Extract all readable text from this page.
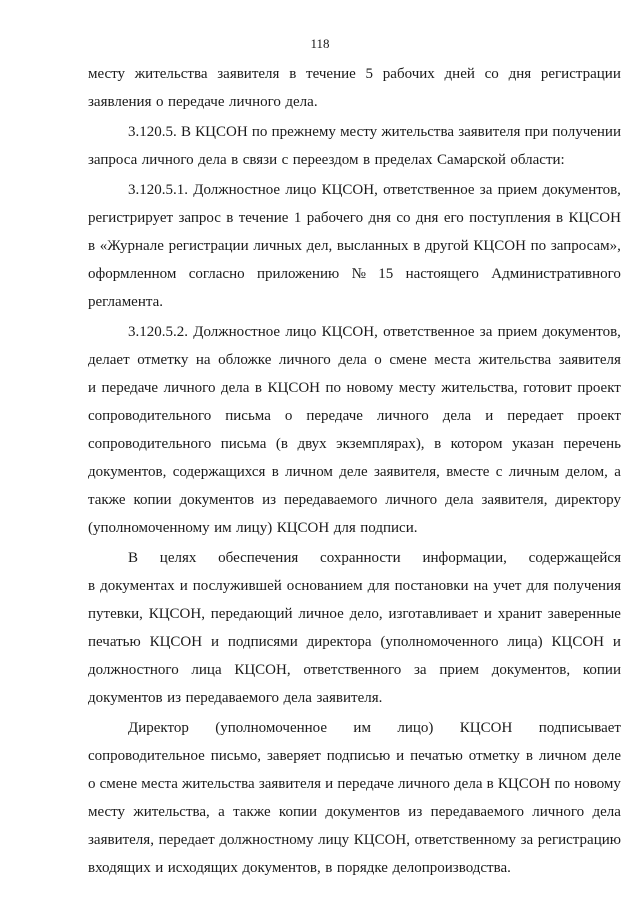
118
месту жительства заявителя в течение 5 рабочих дней со дня регистрации
заявления о передаче личного дела.
3.120.5. В КЦСОН по прежнему месту жительства заявителя при получении
запроса личного дела в связи с переездом в пределах Самарской области:
3.120.5.1. Должностное лицо КЦСОН, ответственное за прием документов,
регистрирует запрос в течение 1 рабочего дня со дня его поступления в КЦСОН
в «Журнале регистрации личных дел, высланных в другой КЦСОН по запросам»,
оформленном согласно приложению № 15 настоящего Административного
регламента.
3.120.5.2. Должностное лицо КЦСОН, ответственное за прием документов,
делает отметку на обложке личного дела о смене места жительства заявителя
и передаче личного дела в КЦСОН по новому месту жительства, готовит проект
сопроводительного письма о передаче личного дела и передает проект
сопроводительного письма (в двух экземплярах), в котором указан перечень
документов, содержащихся в личном деле заявителя, вместе с личным делом, а
также копии документов из передаваемого личного дела заявителя, директору
(уполномоченному им лицу) КЦСОН для подписи.
В целях обеспечения сохранности информации, содержащейся
в документах и послужившей основанием для постановки на учет для получения
путевки, КЦСОН, передающий личное дело, изготавливает и хранит заверенные
печатью КЦСОН и подписями директора (уполномоченного лица) КЦСОН и
должностного лица КЦСОН, ответственного за прием документов, копии
документов из передаваемого дела заявителя.
Директор (уполномоченное им лицо) КЦСОН подписывает
сопроводительное письмо, заверяет подписью и печатью отметку в личном деле
о смене места жительства заявителя и передаче личного дела в КЦСОН по новому
месту жительства, а также копии документов из передаваемого личного дела
заявителя, передает должностному лицу КЦСОН, ответственному за регистрацию
входящих и исходящих документов, в порядке делопроизводства.
